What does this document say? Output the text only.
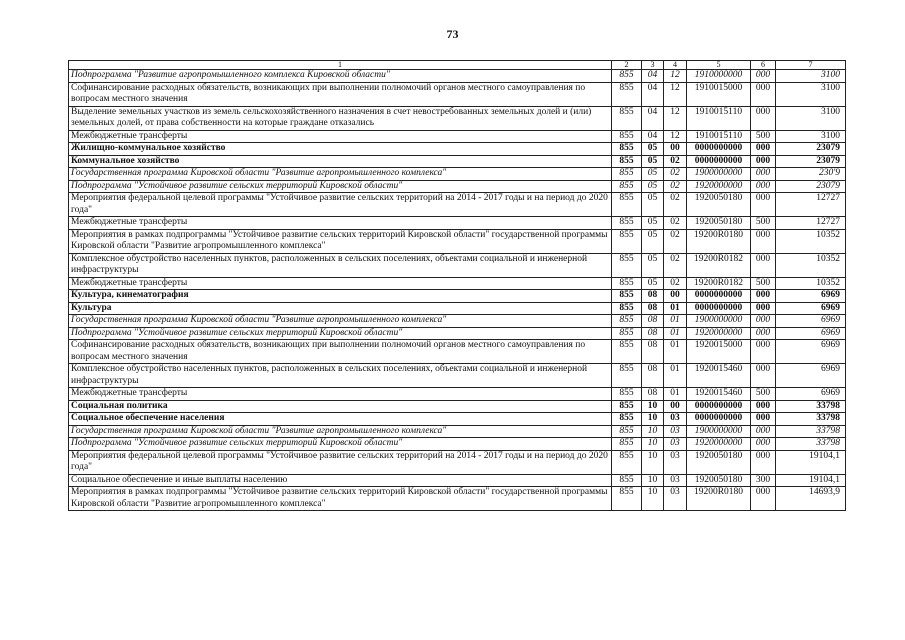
73
1	2	3	4	5	6	7
Подпрограмма "Развитие агропромышленного комплекса Кировской области"	855	04	12	1910000000	000	3100
Софинансирование расходных обязательств, возникающих при выполнении полномочий органов местного самоуправления по вопросам местного значения	855	04	12	1910015000	000	3100
Выделение земельных участков из земель сельскохозяйственного назначения в счет невостребованных земельных долей и (или) земельных долей, от права собственности на которые граждане отказались	855	04	12	1910015110	000	3100
Межбюджетные трансферты	855	04	12	1910015110	500	3100
Жилищно-коммунальное хозяйство	855	05	00	0000000000	000	23079
Коммунальное хозяйство	855	05	02	0000000000	000	23079
Государственная программа Кировской области "Развитие агропромышленного комплекса"	855	05	02	1900000000	000	230'9
Подпрограмма "Устойчивое развитие сельских территорий Кировской области"	855	05	02	1920000000	000	23079
Мероприятия федеральной целевой программы "Устойчивое развитие сельских территорий на 2014 - 2017 годы и на период до 2020 года"	855	05	02	1920050180	000	12727
Межбюджетные трансферты	855	05	02	1920050180	500	12727
Мероприятия в рамках подпрограммы "Устойчивое развитие сельских территорий Кировской области" государственной программы Кировской области "Развитие агропромышленного комплекса"	855	05	02	19200R0180	000	10352
Комплексное обустройство населенных пунктов, расположенных в сельских поселениях, объектами социальной и инженерной инфраструктуры	855	05	02	19200R0182	000	10352
Межбюджетные трансферты	855	05	02	19200R0182	500	10352
Культура, кинематография	855	08	00	0000000000	000	6969
Культура	855	08	01	0000000000	000	6969
Государственная программа Кировской области "Развитие агропромышленного комплекса"	855	08	01	1900000000	000	6969
Подпрограмма "Устойчивое развитие сельских территорий Кировской области"	855	08	01	1920000000	000	6969
Софинансирование расходных обязательств, возникающих при выполнении полномочий органов местного самоуправления по вопросам местного значения	855	08	01	1920015000	000	6969
Комплексное обустройство населенных пунктов, расположенных в сельских поселениях, объектами социальной и инженерной инфраструктуры	855	08	01	1920015460	000	6969
Межбюджетные трансферты	855	08	01	1920015460	500	6969
Социальная политика	855	10	00	0000000000	000	33798
Социальное обеспечение населения	855	10	03	0000000000	000	33798
Государственная программа Кировской области "Развитие агропромышленного комплекса"	855	10	03	1900000000	000	33798
Подпрограмма "Устойчивое развитие сельских территорий Кировской области"	855	10	03	1920000000	000	33798
Мероприятия федеральной целевой программы "Устойчивое развитие сельских территорий на 2014 - 2017 годы и на период до 2020 года"	855	10	03	1920050180	000	19104,1
Социальное обеспечение и иные выплаты населению	855	10	03	1920050180	300	19104,1
Мероприятия в рамках подпрограммы "Устойчивое развитие сельских территорий Кировской области" государственной программы Кировской области "Развитие агропромышленного комплекса"	855	10	03	19200R0180	000	14693,9
